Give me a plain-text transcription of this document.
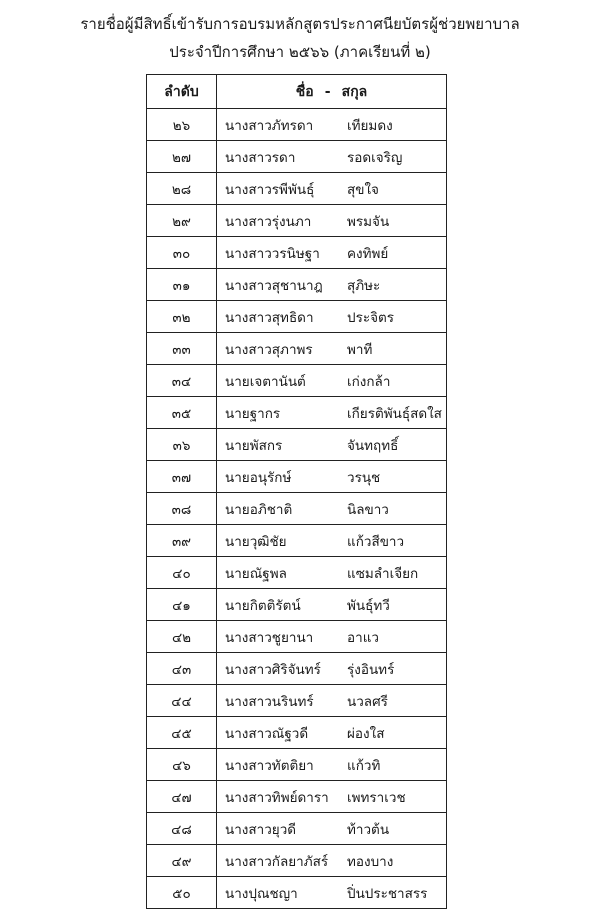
รายชื่อผู้มีสิทธิ์เข้ารับการอบรมหลักสูตรประกาศนียบัตรผู้ช่วยพยาบาล
ประจำปีการศึกษา ๒๕๖๖ (ภาคเรียนที่ ๒)
ลำดับ	ชื่อ - สกุล
๒๖	นางสาวภัทรดา เทียมดง
๒๗	นางสาวรดา รอดเจริญ
๒๘	นางสาวรพีพันธุ์ สุขใจ
๒๙	นางสาวรุ่งนภา พรมจัน
๓๐	นางสาววรนิษฐา คงทิพย์
๓๑	นางสาวสุชานาฎ สุภิษะ
๓๒	นางสาวสุทธิดา ประจิตร
๓๓	นางสาวสุภาพร พาที
๓๔	นายเจตานันต์ เก่งกล้า
๓๕	นายฐากร เกียรติพันธุ์สดใส
๓๖	นายพัสกร จันทฤทธิ์
๓๗	นายอนุรักษ์ วรนุช
๓๘	นายอภิชาติ นิลขาว
๓๙	นายวุฒิชัย แก้วสีขาว
๔๐	นายณัฐพล แซมลำเจียก
๔๑	นายกิตติรัตน์ พันธุ์ทวี
๔๒	นางสาวชูยานา อาแว
๔๓	นางสาวศิริจันทร์ รุ่งอินทร์
๔๔	นางสาวนรินทร์ นวลศรี
๔๕	นางสาวณัฐวดี ผ่องใส
๔๖	นางสาวทัตติยา แก้วทิ
๔๗	นางสาวทิพย์ดารา เพทราเวช
๔๘	นางสาวยุวดี ท้าวต้น
๔๙	นางสาวกัลยาภัสร์ ทองบาง
๕๐	นางปุณชญา ปิ่นประชาสรร
